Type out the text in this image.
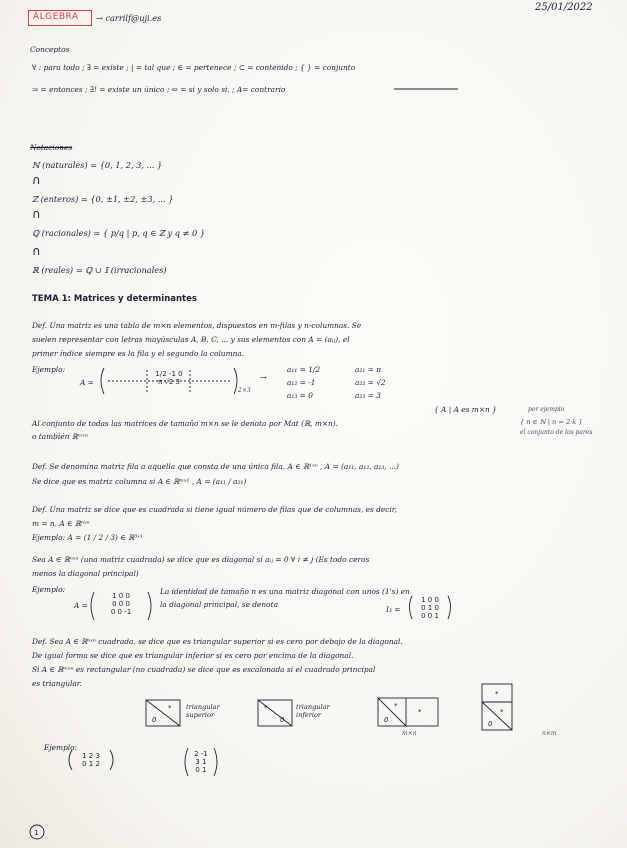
ÁLGEBRA → carrilf@uji.es
25/01/2022
Conceptos
∀ : para todo ; ∃ = existe ; | = tal que ; ∈ = pertenece ; ⊂ = contenido ; { } = conjunto
⇒ = entonces ; ∃! = existe un único ; ⇔ = si y solo si. ; A= contrario
Notaciones
ℕ (naturales) = {0, 1, 2, 3, ... }
∩
ℤ (enteros) = {0, ±1, ±2, ±3, ... }
∩
ℚ (racionales) = { p/q | p, q ∈ ℤ y q ≠ 0 }
∩
ℝ (reales) = ℚ ∪ 𝕀 (irracionales)
TEMA 1: Matrices y determinantes
Def. Una matriz es una tabla de m×n elementos, dispuestos en m-filas y n-columnas. Se
suelen representar con letras mayúsculas A, B, C, ... y sus elementos con A = (aᵢⱼ), el
primer índice siempre es la fila y el segundo la columna.
Ejemplo:
A =
1/2 -1 0
π √2 3
2×3
→
a₁₁ = 1/2
a₁₂ = -1
a₁₃ = 0
a₂₁ = π
a₂₂ = √2
a₂₃ = 3
{ A | A es m×n }	por ejemplo
{ n ∈ ℕ | n = 2·k }
el conjunto de los pares
Al conjunto de todas las matrices de tamaño m×n se le denota por Mat (ℝ, m×n).
o también ℝᵐˣⁿ
Def. Se denomina matriz fila a aquella que consta de una única fila. A ∈ ℝ¹ˣⁿ , A = (a₁₁, a₁₂, a₁₃, ...)
Se dice que es matriz columna si A ∈ ℝᵐˣ¹ , A = (a₁₁ / a₂₁)
Def. Una matriz se dice que es cuadrada si tiene igual número de filas que de columnas, es decir,
m = n. A ∈ ℝⁿˣⁿ
Ejemplo: A = (1 / 2 / 3) ∈ ℝ³ˣ¹
Sea A ∈ ℝⁿˣⁿ (una matriz cuadrada) se dice que es diagonal si aᵢⱼ = 0 ∀ i ≠ j (Es todo ceros
menos la diagonal principal)
Ejemplo:
A =
1 0 0
0 0 0
0 0 -1
La identidad de tamaño n es una matriz diagonal con unos (1's) en
la diagonal principal, se denota
I₃ =
1 0 0
0 1 0
0 0 1
Def. Sea A ∈ ℝⁿˣⁿ cuadrada, se dice que es triangular superior si es cero por debajo de la diagonal.
De igual forma se dice que es triangular inferior si es cero por encima de la diagonal.
Si A ∈ ℝᵐˣⁿ es rectangular (no cuadrada) se dice que es escalonada si el cuadrado principal
es triangular.
triangular superior
triangular inferior
m×n	n×m
Ejemplo:
1 2 3
0 1 2
2 -1
3 1
0 1
1
0
*	*
0
*
0
*
*
*
0
